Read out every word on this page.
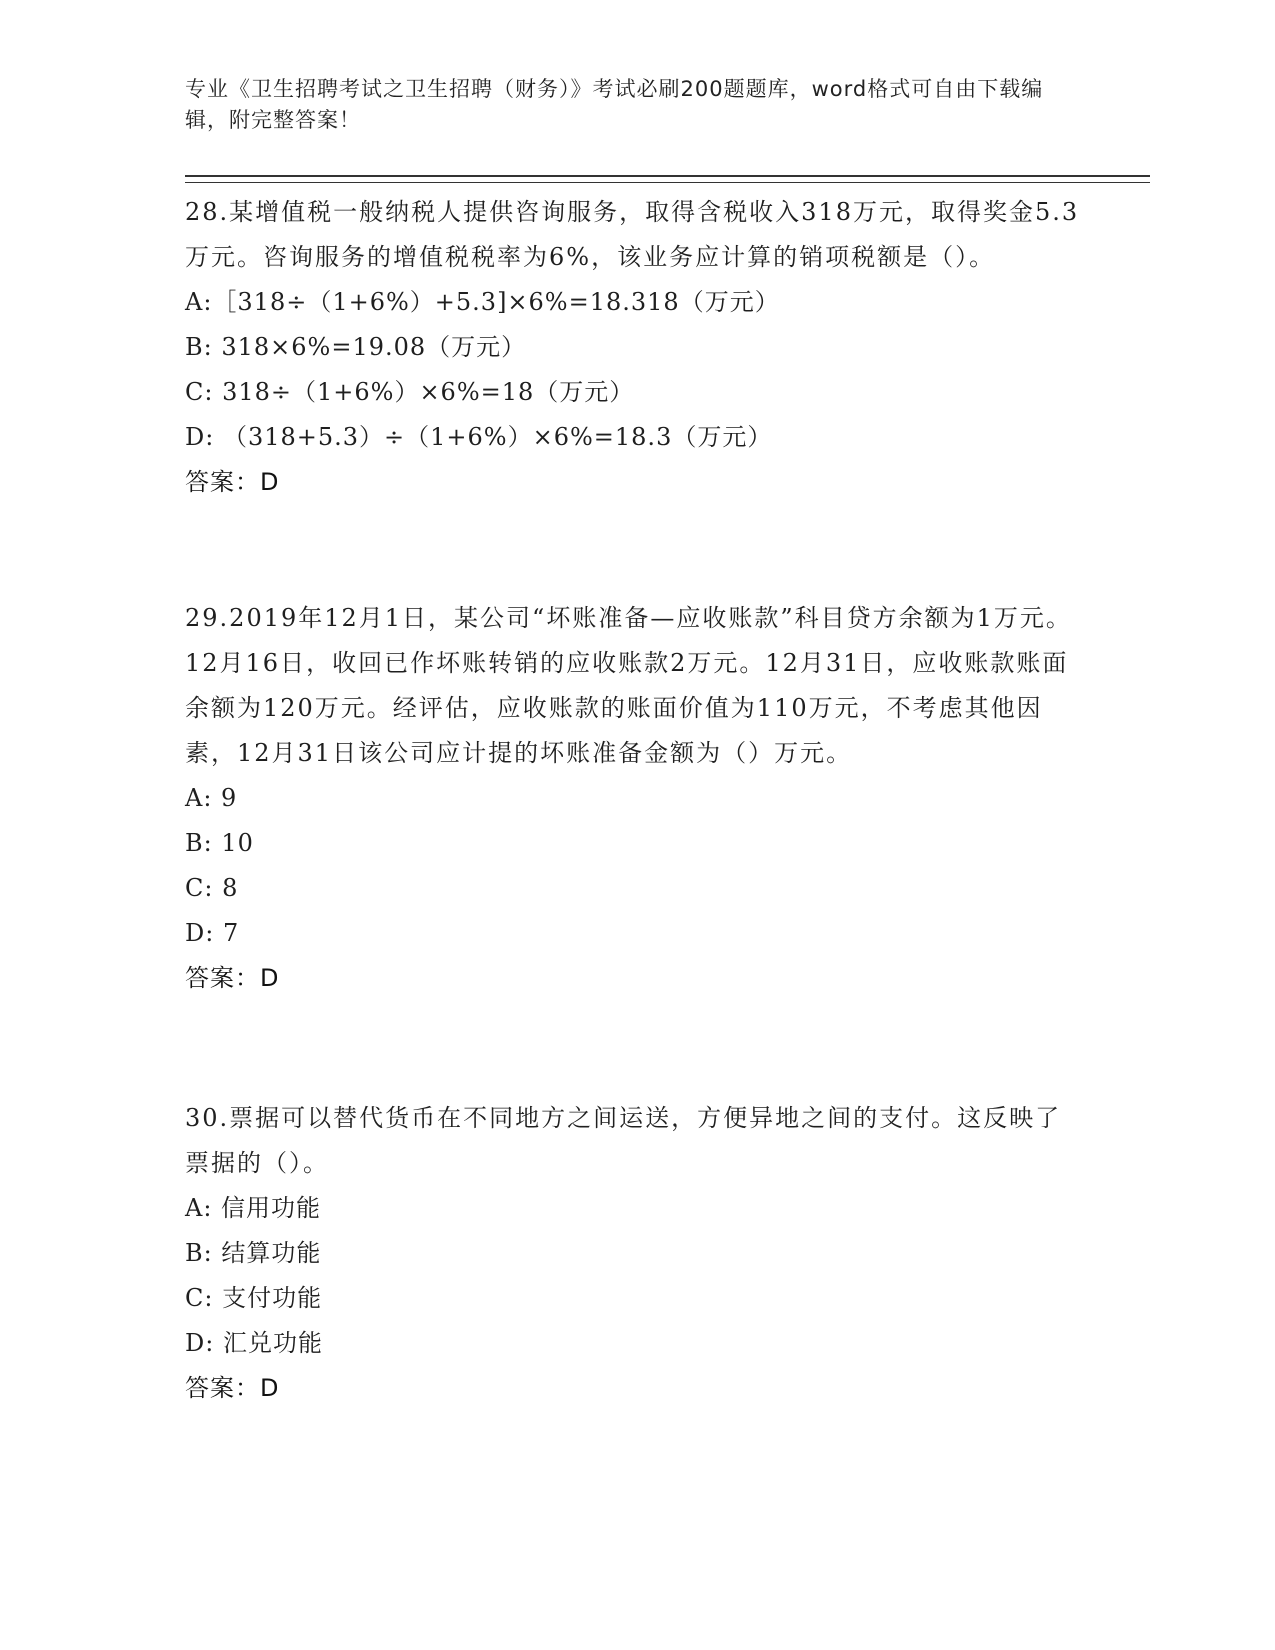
专业《卫生招聘考试之卫生招聘（财务）》考试必刷200题题库，word格式可自由下载编辑，附完整答案！

28.某增值税一般纳税人提供咨询服务，取得含税收入318万元，取得奖金5.3万元。咨询服务的增值税税率为6%，该业务应计算的销项税额是（）。

A:［318÷（1+6%）+5.3]×6%=18.318（万元）

B: 318×6%=19.08（万元）

C: 318÷（1+6%）×6%=18（万元）

D: （318+5.3）÷（1+6%）×6%=18.3（万元）

答案：D

29.2019年12月1日，某公司“坏账准备—应收账款”科目贷方余额为1万元。12月16日，收回已作坏账转销的应收账款2万元。12月31日，应收账款账面余额为120万元。经评估，应收账款的账面价值为110万元，不考虑其他因素，12月31日该公司应计提的坏账准备金额为（）万元。

A: 9

B: 10

C: 8

D: 7

答案：D

30.票据可以替代货币在不同地方之间运送，方便异地之间的支付。这反映了票据的（）。

A: 信用功能

B: 结算功能

C: 支付功能

D: 汇兑功能

答案：D
